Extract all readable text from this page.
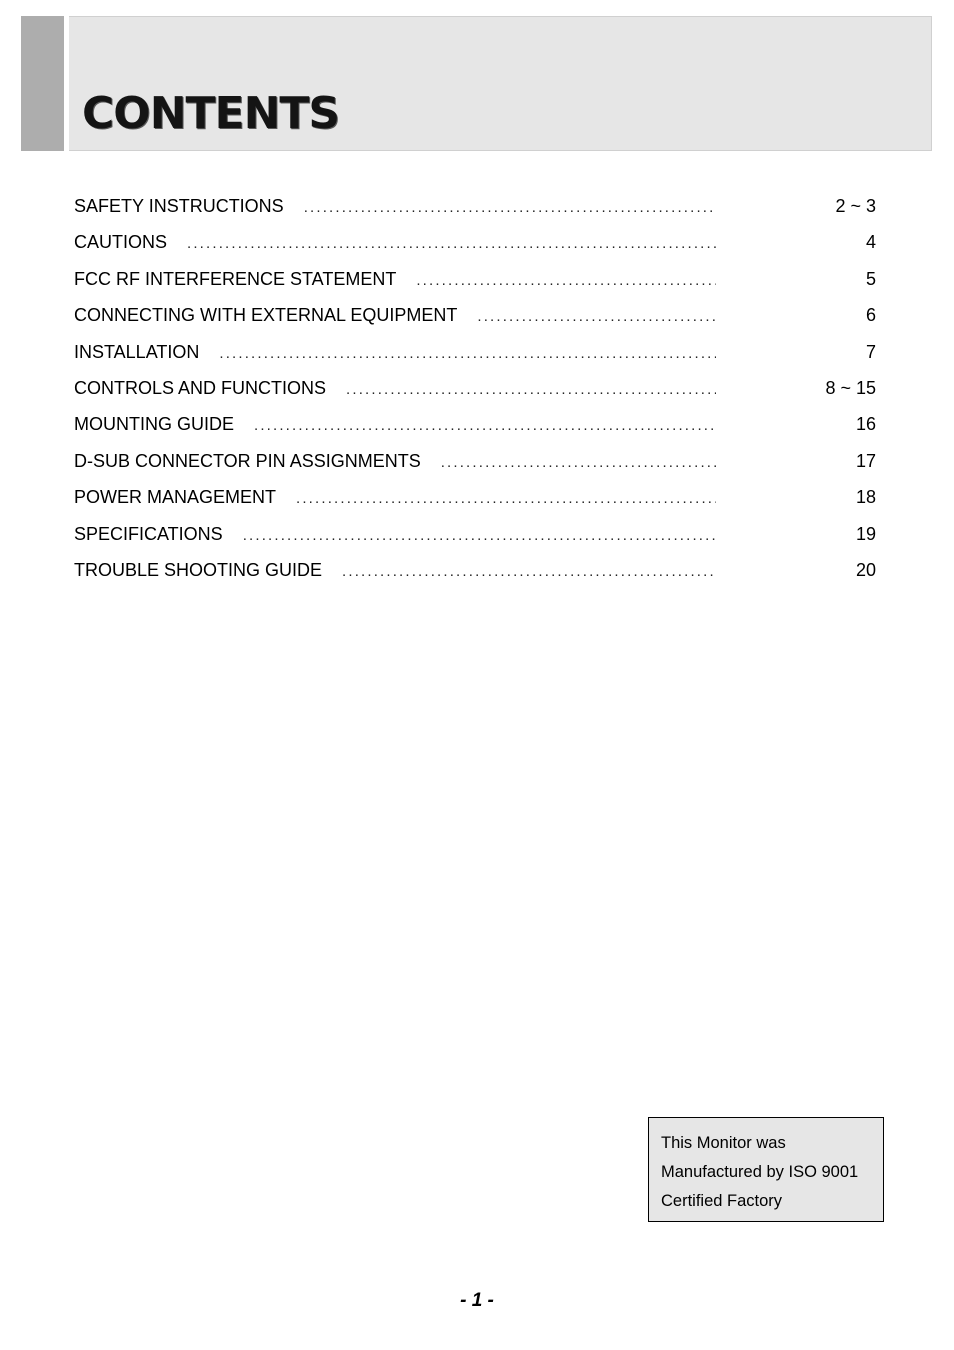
CONTENTS
SAFETY INSTRUCTIONS . . .	2 ~ 3
CAUTIONS . . .	4
FCC RF INTERFERENCE STATEMENT . . .	5
CONNECTING WITH EXTERNAL EQUIPMENT . . .	6
INSTALLATION . . .	7
CONTROLS AND FUNCTIONS . . .	8 ~ 15
MOUNTING GUIDE . . .	16
D-SUB CONNECTOR PIN ASSIGNMENTS . . .	17
POWER MANAGEMENT . . .	18
SPECIFICATIONS . . .	19
TROUBLE SHOOTING GUIDE . . .	20
This Monitor was
Manufactured by ISO 9001
Certified Factory
- 1 -
